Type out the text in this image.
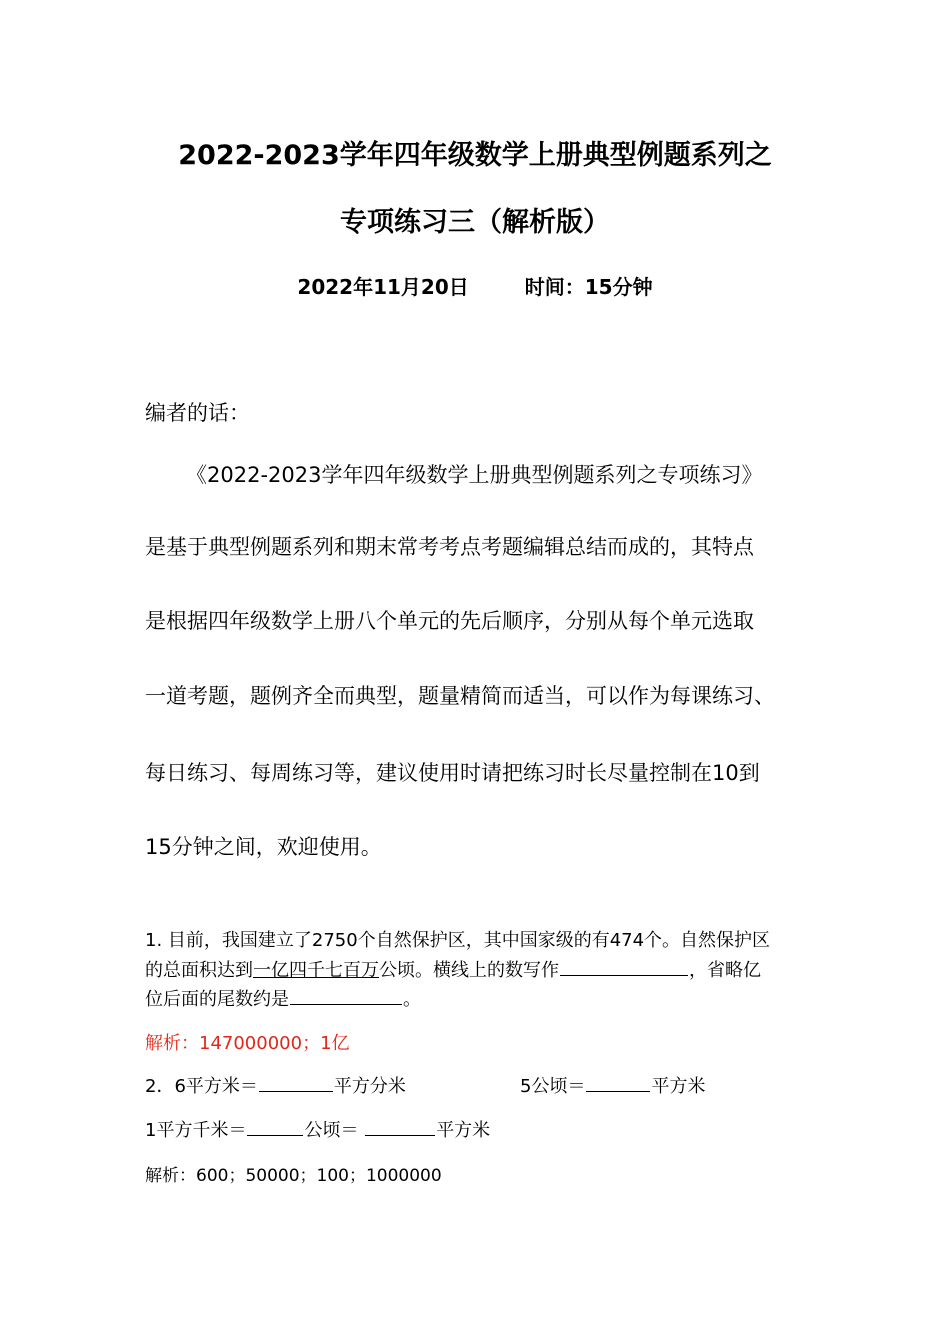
2022-2023学年四年级数学上册典型例题系列之
专项练习三（解析版）
2022年11月20日	时间：15分钟
编者的话：
《2022-2023学年四年级数学上册典型例题系列之专项练习》
是基于典型例题系列和期末常考考点考题编辑总结而成的，其特点
是根据四年级数学上册八个单元的先后顺序，分别从每个单元选取
一道考题，题例齐全而典型，题量精简而适当，可以作为每课练习、
每日练习、每周练习等，建议使用时请把练习时长尽量控制在10到
15分钟之间，欢迎使用。
1. 目前，我国建立了2750个自然保护区，其中国家级的有474个。自然保护区
的总面积达到一亿四千七百万公顷。横线上的数写作	，省略亿
位后面的尾数约是	。
解析：147000000；1亿
2．6平方米＝	平方分米	5公顷＝	平方米
1平方千米＝	公顷＝	平方米
解析：600；50000；100；1000000
